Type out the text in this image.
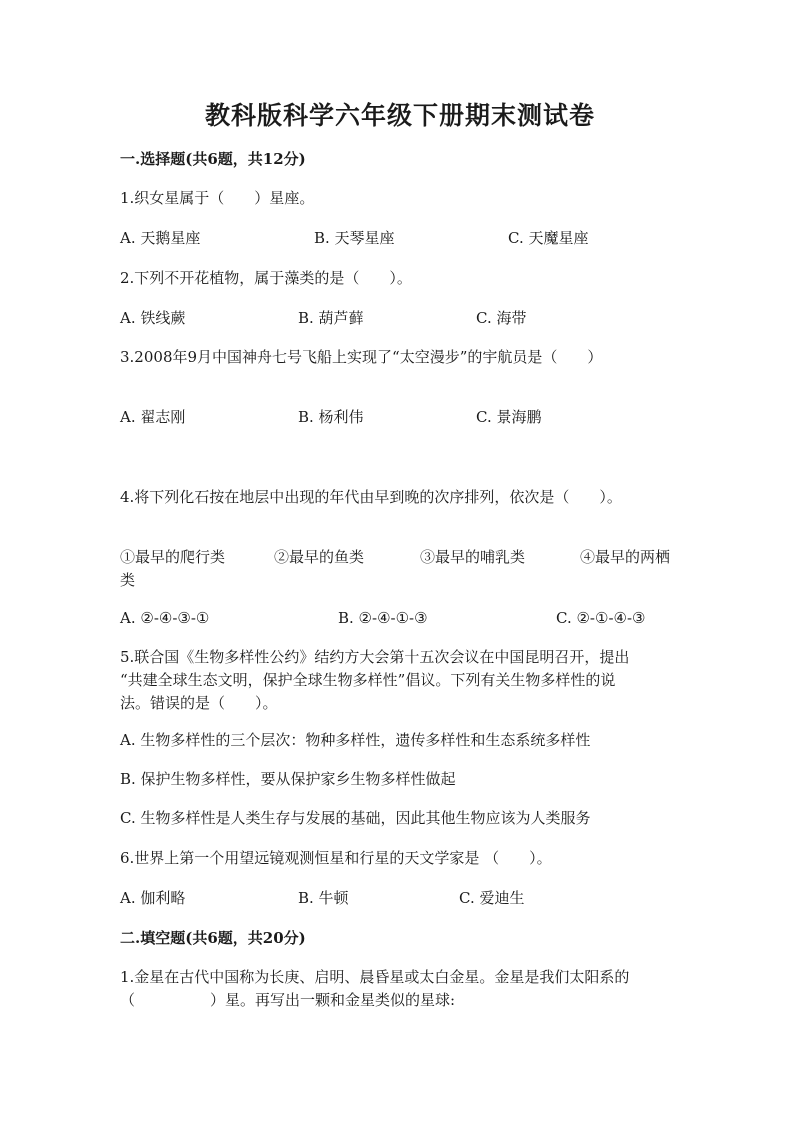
教科版科学六年级下册期末测试卷
一.选择题(共6题，共12分)
1.织女星属于（　　）星座。
A. 天鹅星座	B. 天琴星座	C. 天魔星座
2.下列不开花植物，属于藻类的是（　　）。
A. 铁线蕨	B. 葫芦藓	C. 海带
3.2008年9月中国神舟七号飞船上实现了“太空漫步”的宇航员是（　　）
A. 翟志刚	B. 杨利伟	C. 景海鹏
4.将下列化石按在地层中出现的年代由早到晚的次序排列，依次是（　　）。
①最早的爬行类	②最早的鱼类	③最早的哺乳类	④最早的两栖
类
A. ②-④-③-①	B. ②-④-①-③	C. ②-①-④-③
5.联合国《生物多样性公约》结约方大会第十五次会议在中国昆明召开，提出
“共建全球生态文明，保护全球生物多样性”倡议。下列有关生物多样性的说
法。错误的是（　　）。
A. 生物多样性的三个层次：物种多样性，遗传多样性和生态系统多样性
B. 保护生物多样性，要从保护家乡生物多样性做起
C. 生物多样性是人类生存与发展的基础，因此其他生物应该为人类服务
6.世界上第一个用望远镜观测恒星和行星的天文学家是 （　　）。
A. 伽利略	B. 牛顿	C. 爱迪生
二.填空题(共6题，共20分)
1.金星在古代中国称为长庚、启明、晨昏星或太白金星。金星是我们太阳系的
（　　　　　）星。再写出一颗和金星类似的星球:
